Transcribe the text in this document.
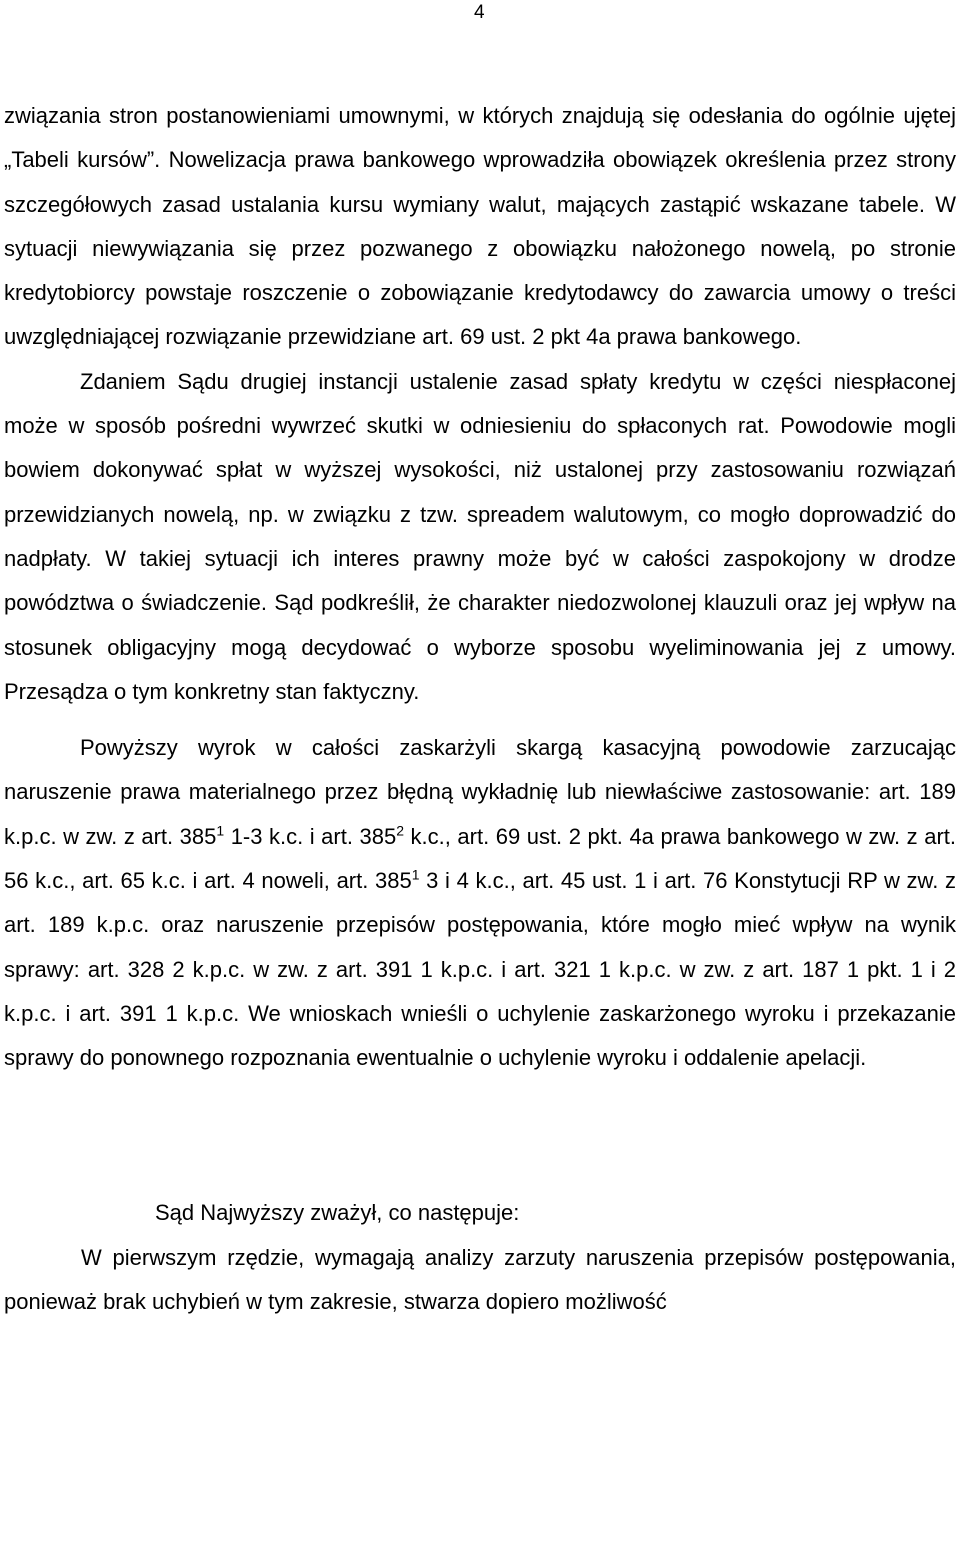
4

związania stron postanowieniami umownymi, w których znajdują się odesłania do ogólnie ujętej „Tabeli kursów”. Nowelizacja prawa bankowego wprowadziła obowiązek określenia przez strony szczegółowych zasad ustalania kursu wymiany walut, mających zastąpić wskazane tabele. W sytuacji niewywiązania się przez pozwanego z obowiązku nałożonego nowelą, po stronie kredytobiorcy powstaje roszczenie o zobowiązanie kredytodawcy do zawarcia umowy o treści uwzględniającej rozwiązanie przewidziane art. 69 ust. 2 pkt 4a prawa bankowego.

Zdaniem Sądu drugiej instancji ustalenie zasad spłaty kredytu w części niespłaconej może w sposób pośredni wywrzeć skutki w odniesieniu do spłaconych rat. Powodowie mogli bowiem dokonywać spłat w wyższej wysokości, niż ustalonej przy zastosowaniu rozwiązań przewidzianych nowelą, np. w związku z tzw. spreadem walutowym, co mogło doprowadzić do nadpłaty. W takiej sytuacji ich interes prawny może być w całości zaspokojony w drodze powództwa o świadczenie. Sąd podkreślił, że charakter niedozwolonej klauzuli oraz jej wpływ na stosunek obligacyjny mogą decydować o wyborze sposobu wyeliminowania jej z umowy. Przesądza o tym konkretny stan faktyczny.

Powyższy wyrok w całości zaskarżyli skargą kasacyjną powodowie zarzucając naruszenie prawa materialnego przez błędną wykładnię lub niewłaściwe zastosowanie: art. 189 k.p.c. w zw. z art. $385^1$ 1-3 k.c. i art. $385^2$ k.c., art. 69 ust. 2 pkt. 4a prawa bankowego w zw. z art. 56 k.c., art. 65 k.c. i art. 4 noweli, art. $385^1$ 3 i 4 k.c., art. 45 ust. 1 i art. 76 Konstytucji RP w zw. z art. 189 k.p.c. oraz naruszenie przepisów postępowania, które mogło mieć wpływ na wynik sprawy: art. 328 2 k.p.c. w zw. z art. 391 1 k.p.c. i art. 321 1 k.p.c. w zw. z art. 187 1 pkt. 1 i 2 k.p.c. i art. 391 1 k.p.c. We wnioskach wnieśli o uchylenie zaskarżonego wyroku i przekazanie sprawy do ponownego rozpoznania ewentualnie o uchylenie wyroku i oddalenie apelacji.

Sąd Najwyższy zważył, co następuje:

W pierwszym rzędzie, wymagają analizy zarzuty naruszenia przepisów postępowania, ponieważ brak uchybień w tym zakresie, stwarza dopiero możliwość
